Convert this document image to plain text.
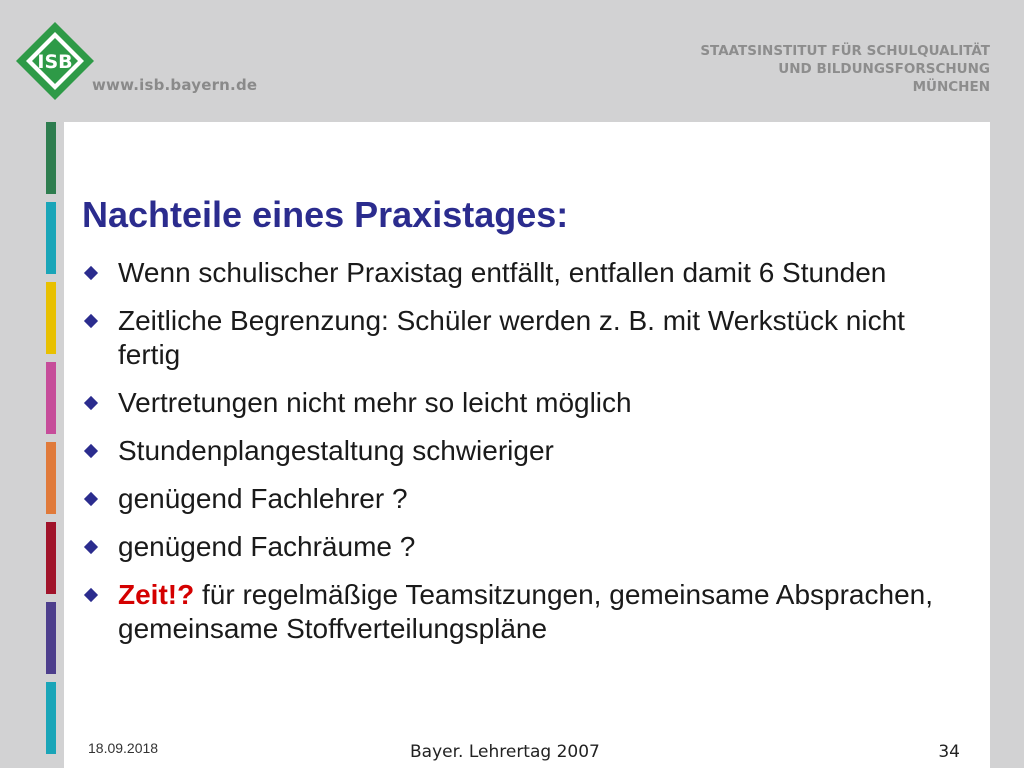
ISB
www.isb.bayern.de
STAATSINSTITUT FÜR SCHULQUALITÄT
UND BILDUNGSFORSCHUNG
MÜNCHEN
Nachteile eines Praxistages:
Wenn schulischer Praxistag entfällt, entfallen damit 6 Stunden
Zeitliche Begrenzung: Schüler werden z. B. mit Werkstück nicht fertig
Vertretungen nicht mehr so leicht möglich
Stundenplangestaltung schwieriger
genügend Fachlehrer ?
genügend Fachräume ?
Zeit!? für regelmäßige Teamsitzungen, gemeinsame Absprachen, gemeinsame Stoffverteilungspläne
18.09.2018	Bayer. Lehrertag 2007	34
